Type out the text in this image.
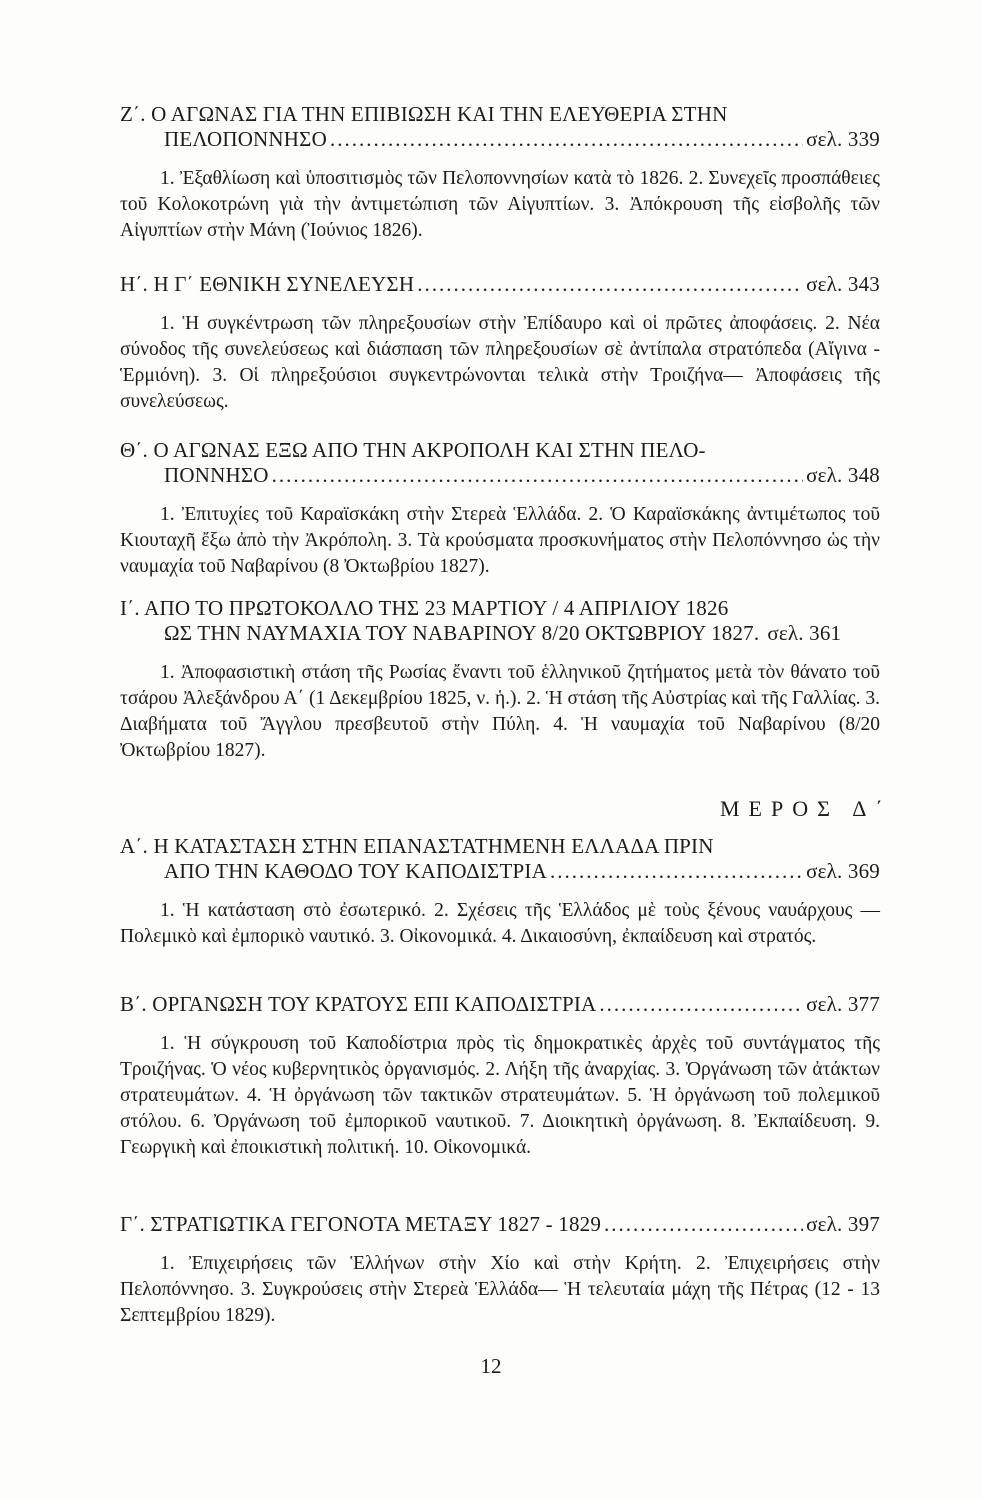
Ζ΄. Ο ΑΓΩΝΑΣ ΓΙΑ ΤΗΝ ΕΠΙΒΙΩΣΗ ΚΑΙ ΤΗΝ ΕΛΕΥΘΕΡΙΑ ΣΤΗΝ
ΠΕΛΟΠΟΝΝΗΣΟ .....	σελ. 339
1. Ἐξαθλίωση καὶ ὑποσιτισμὸς τῶν Πελοποννησίων κατὰ τὸ 1826. 2. Συνεχεῖς προσπάθειες τοῦ Κολοκοτρώνη γιὰ τὴν ἀντιμετώπιση τῶν Αἰγυπτίων. 3. Ἀπόκρουση τῆς εἰσβολῆς τῶν Αἰγυπτίων στὴν Μάνη (Ἰούνιος 1826).
Η΄. Η Γ΄ ΕΘΝΙΚΗ ΣΥΝΕΛΕΥΣΗ .....	σελ. 343
1. Ἡ συγκέντρωση τῶν πληρεξουσίων στὴν Ἐπίδαυρο καὶ οἱ πρῶτες ἀποφάσεις. 2. Νέα σύνοδος τῆς συνελεύσεως καὶ διάσπαση τῶν πληρεξουσίων σὲ ἀντίπαλα στρατόπεδα (Αἴγινα - Ἑρμιόνη). 3. Οἱ πληρεξούσιοι συγκεντρώνονται τελικὰ στὴν Τροιζήνα— Ἀποφάσεις τῆς συνελεύσεως.
Θ΄. Ο ΑΓΩΝΑΣ ΕΞΩ ΑΠΟ ΤΗΝ ΑΚΡΟΠΟΛΗ ΚΑΙ ΣΤΗΝ ΠΕΛΟ-
ΠΟΝΝΗΣΟ .....	σελ. 348
1. Ἐπιτυχίες τοῦ Καραϊσκάκη στὴν Στερεὰ Ἑλλάδα. 2. Ὁ Καραϊσκάκης ἀντιμέτωπος τοῦ Κιουταχῆ ἔξω ἀπὸ τὴν Ἀκρόπολη. 3. Τὰ κρούσματα προσκυνήματος στὴν Πελοπόννησο ὡς τὴν ναυμαχία τοῦ Ναβαρίνου (8 Ὀκτωβρίου 1827).
Ι΄. ΑΠΟ ΤΟ ΠΡΩΤΟΚΟΛΛΟ ΤΗΣ 23 ΜΑΡΤΙΟΥ / 4 ΑΠΡΙΛΙΟΥ 1826
ΩΣ ΤΗΝ ΝΑΥΜΑΧΙΑ ΤΟΥ ΝΑΒΑΡΙΝΟΥ 8/20 ΟΚΤΩΒΡΙΟΥ 1827. σελ. 361
1. Ἀποφασιστικὴ στάση τῆς Ρωσίας ἔναντι τοῦ ἑλληνικοῦ ζητήματος μετὰ τὸν θάνατο τοῦ τσάρου Ἀλεξάνδρου Α΄ (1 Δεκεμβρίου 1825, ν. ἡ.). 2. Ἡ στάση τῆς Αὐστρίας καὶ τῆς Γαλλίας. 3. Διαβήματα τοῦ Ἄγγλου πρεσβευτοῦ στὴν Πύλη. 4. Ἡ ναυμαχία τοῦ Ναβαρίνου (8/20 Ὀκτωβρίου 1827).
ΜΕΡΟΣ Δ΄
Α΄. Η ΚΑΤΑΣΤΑΣΗ ΣΤΗΝ ΕΠΑΝΑΣΤΑΤΗΜΕΝΗ ΕΛΛΑΔΑ ΠΡΙΝ
ΑΠΟ ΤΗΝ ΚΑΘΟΔΟ ΤΟΥ ΚΑΠΟΔΙΣΤΡΙΑ .....	σελ. 369
1. Ἡ κατάσταση στὸ ἐσωτερικό. 2. Σχέσεις τῆς Ἑλλάδος μὲ τοὺς ξένους ναυάρχους — Πολεμικὸ καὶ ἐμπορικὸ ναυτικό. 3. Οἰκονομικά. 4. Δικαιοσύνη, ἐκπαίδευση καὶ στρατός.
Β΄. ΟΡΓΑΝΩΣΗ ΤΟΥ ΚΡΑΤΟΥΣ ΕΠΙ ΚΑΠΟΔΙΣΤΡΙΑ .....	σελ. 377
1. Ἡ σύγκρουση τοῦ Καποδίστρια πρὸς τὶς δημοκρατικὲς ἀρχὲς τοῦ συντάγματος τῆς Τροιζήνας. Ὁ νέος κυβερνητικὸς ὀργανισμός. 2. Λήξη τῆς ἀναρχίας. 3. Ὀργάνωση τῶν ἀτάκτων στρατευμάτων. 4. Ἡ ὀργάνωση τῶν τακτικῶν στρατευμάτων. 5. Ἡ ὀργάνωση τοῦ πολεμικοῦ στόλου. 6. Ὀργάνωση τοῦ ἐμπορικοῦ ναυτικοῦ. 7. Διοικητικὴ ὀργάνωση. 8. Ἐκπαίδευση. 9. Γεωργικὴ καὶ ἐποικιστικὴ πολιτική. 10. Οἰκονομικά.
Γ΄. ΣΤΡΑΤΙΩΤΙΚΑ ΓΕΓΟΝΟΤΑ ΜΕΤΑΞΥ 1827 - 1829 .....	σελ. 397
1. Ἐπιχειρήσεις τῶν Ἑλλήνων στὴν Χίο καὶ στὴν Κρήτη. 2. Ἐπιχειρήσεις στὴν Πελοπόννησο. 3. Συγκρούσεις στὴν Στερεὰ Ἑλλάδα— Ἡ τελευταία μάχη τῆς Πέτρας (12 - 13 Σεπτεμβρίου 1829).
12
